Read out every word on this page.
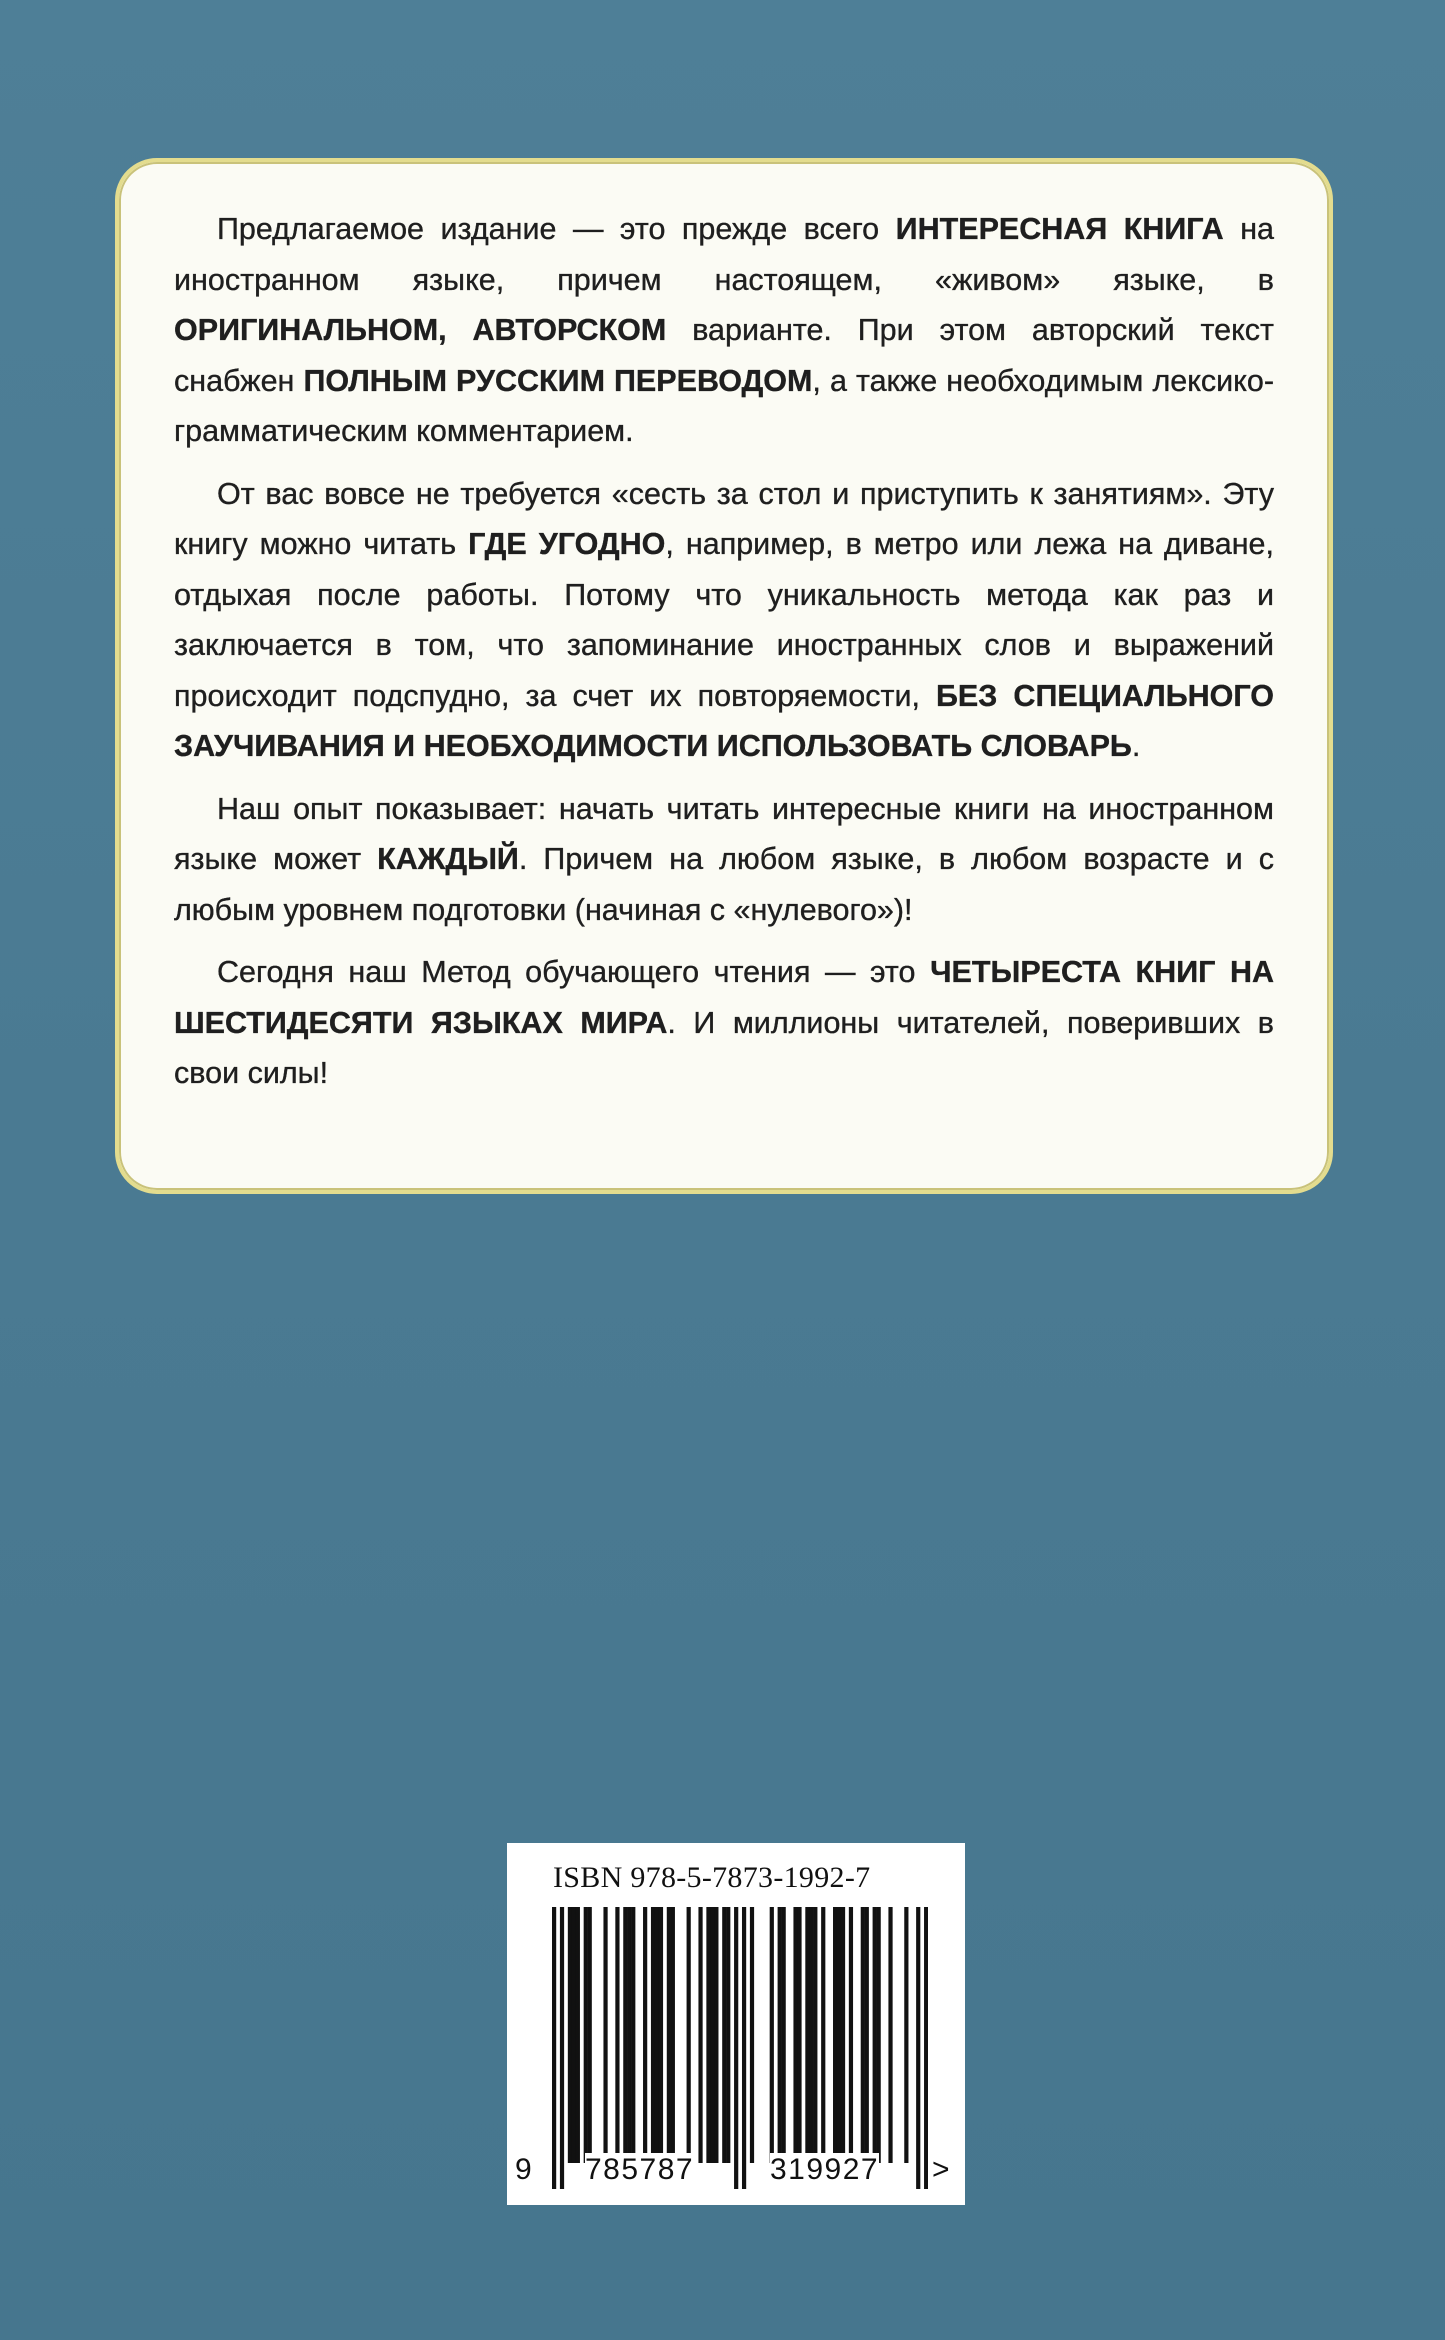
Предлагаемое издание — это прежде всего ИНТЕРЕСНАЯ КНИГА на иностранном языке, причем настоящем, «живом» языке, в ОРИГИНАЛЬНОМ, АВТОРСКОМ варианте. При этом авторский текст снабжен ПОЛНЫМ РУССКИМ ПЕРЕВОДОМ, а также необходимым лексико-грамматическим комментарием.

От вас вовсе не требуется «сесть за стол и приступить к занятиям». Эту книгу можно читать ГДЕ УГОДНО, например, в метро или лежа на диване, отдыхая после работы. Потому что уникальность метода как раз и заключается в том, что запоминание иностранных слов и выражений происходит подспудно, за счет их повторяемости, БЕЗ СПЕЦИАЛЬНОГО ЗАУЧИВАНИЯ И НЕОБХОДИМОСТИ ИСПОЛЬЗОВАТЬ СЛОВАРЬ.

Наш опыт показывает: начать читать интересные книги на иностранном языке может КАЖДЫЙ. Причем на любом языке, в любом возрасте и с любым уровнем подготовки (начиная с «нулевого»)!

Сегодня наш Метод обучающего чтения — это ЧЕТЫРЕСТА КНИГ НА ШЕСТИДЕСЯТИ ЯЗЫКАХ МИРА. И миллионы читателей, поверивших в свои силы!

ISBN 978-5-7873-1992-7
9 785787	319927 >
